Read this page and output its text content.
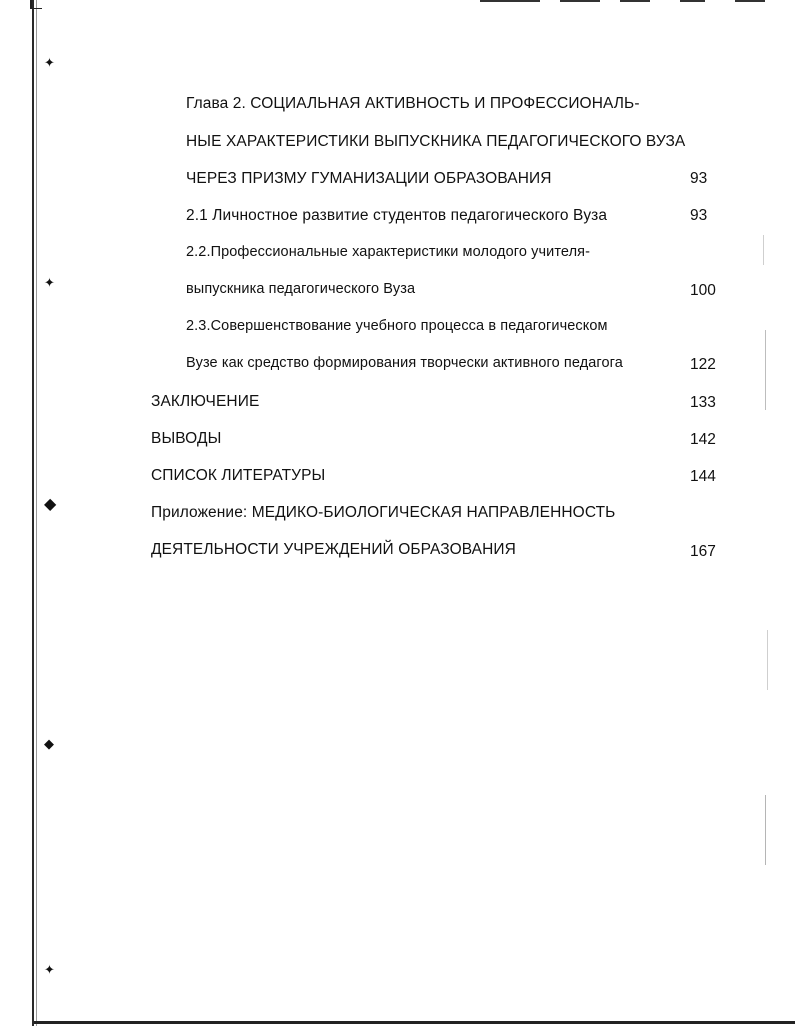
✦
✦
◆
◆
✦
Глава 2. СОЦИАЛЬНАЯ АКТИВНОСТЬ И ПРОФЕССИОНАЛЬ-
НЫЕ ХАРАКТЕРИСТИКИ ВЫПУСКНИКА ПЕДАГОГИЧЕСКОГО ВУЗА
ЧЕРЕЗ ПРИЗМУ ГУМАНИЗАЦИИ ОБРАЗОВАНИЯ	93
2.1 Личностное развитие студентов педагогического Вуза	93
2.2.Профессиональные характеристики молодого учителя-
выпускника педагогического Вуза	100
2.3.Совершенствование учебного процесса в педагогическом
Вузе как средство формирования творчески активного педагога	122
ЗАКЛЮЧЕНИЕ	133
ВЫВОДЫ	142
СПИСОК ЛИТЕРАТУРЫ	144
Приложение: МЕДИКО-БИОЛОГИЧЕСКАЯ НАПРАВЛЕННОСТЬ
ДЕЯТЕЛЬНОСТИ УЧРЕЖДЕНИЙ ОБРАЗОВАНИЯ	167
